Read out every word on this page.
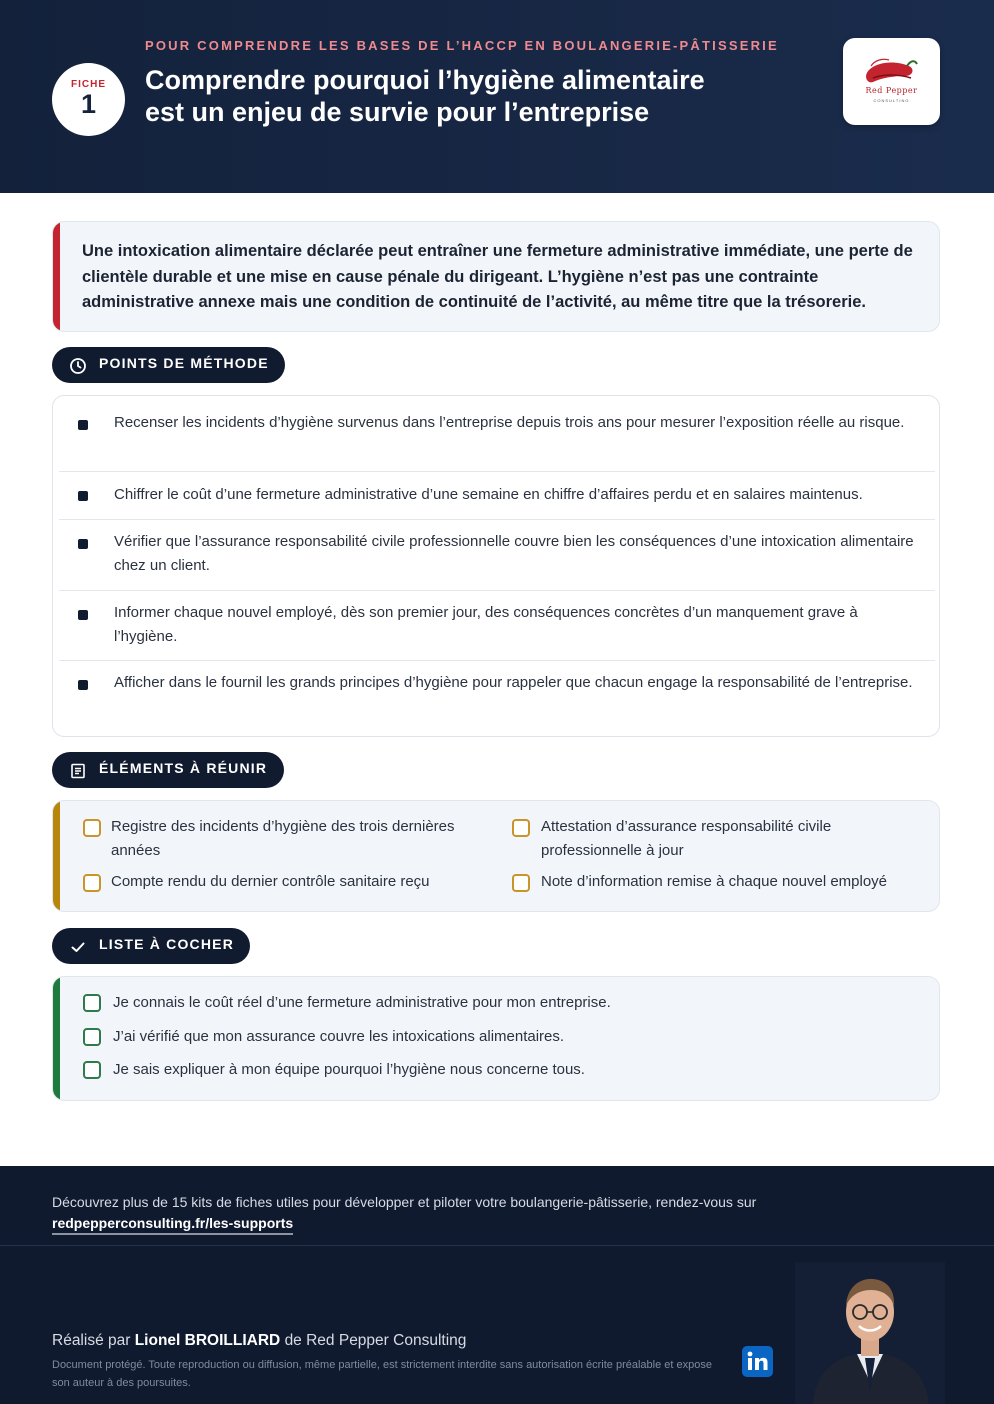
FICHE
1
POUR COMPRENDRE LES BASES DE L’HACCP EN BOULANGERIE-PÂTISSERIE
Comprendre pourquoi l’hygiène alimentaire est un enjeu de survie pour l’entreprise
Red Pepper
CONSULTING

Une intoxication alimentaire déclarée peut entraîner une fermeture administrative immédiate, une perte de clientèle durable et une mise en cause pénale du dirigeant. L’hygiène n’est pas une contrainte administrative annexe mais une condition de continuité de l’activité, au même titre que la trésorerie.

POINTS DE MÉTHODE
Recenser les incidents d’hygiène survenus dans l’entreprise depuis trois ans pour mesurer l’exposition réelle au risque.
Chiffrer le coût d’une fermeture administrative d’une semaine en chiffre d’affaires perdu et en salaires maintenus.
Vérifier que l’assurance responsabilité civile professionnelle couvre bien les conséquences d’une intoxication alimentaire chez un client.
Informer chaque nouvel employé, dès son premier jour, des conséquences concrètes d’un manquement grave à l’hygiène.
Afficher dans le fournil les grands principes d’hygiène pour rappeler que chacun engage la responsabilité de l’entreprise.
ÉLÉMENTS À RÉUNIR
Registre des incidents d’hygiène des trois dernières années
Attestation d’assurance responsabilité civile professionnelle à jour
Compte rendu du dernier contrôle sanitaire reçu	Note d’information remise à chaque nouvel employé
LISTE À COCHER
Je connais le coût réel d’une fermeture administrative pour mon entreprise.
J’ai vérifié que mon assurance couvre les intoxications alimentaires.
Je sais expliquer à mon équipe pourquoi l’hygiène nous concerne tous.
Découvrez plus de 15 kits de fiches utiles pour développer et piloter votre boulangerie-pâtisserie, rendez-vous sur
redpepperconsulting.fr/les-supports
Réalisé par Lionel BROILLIARD de Red Pepper Consulting
Document protégé. Toute reproduction ou diffusion, même partielle, est strictement interdite sans autorisation écrite préalable et expose son auteur à des poursuites.
